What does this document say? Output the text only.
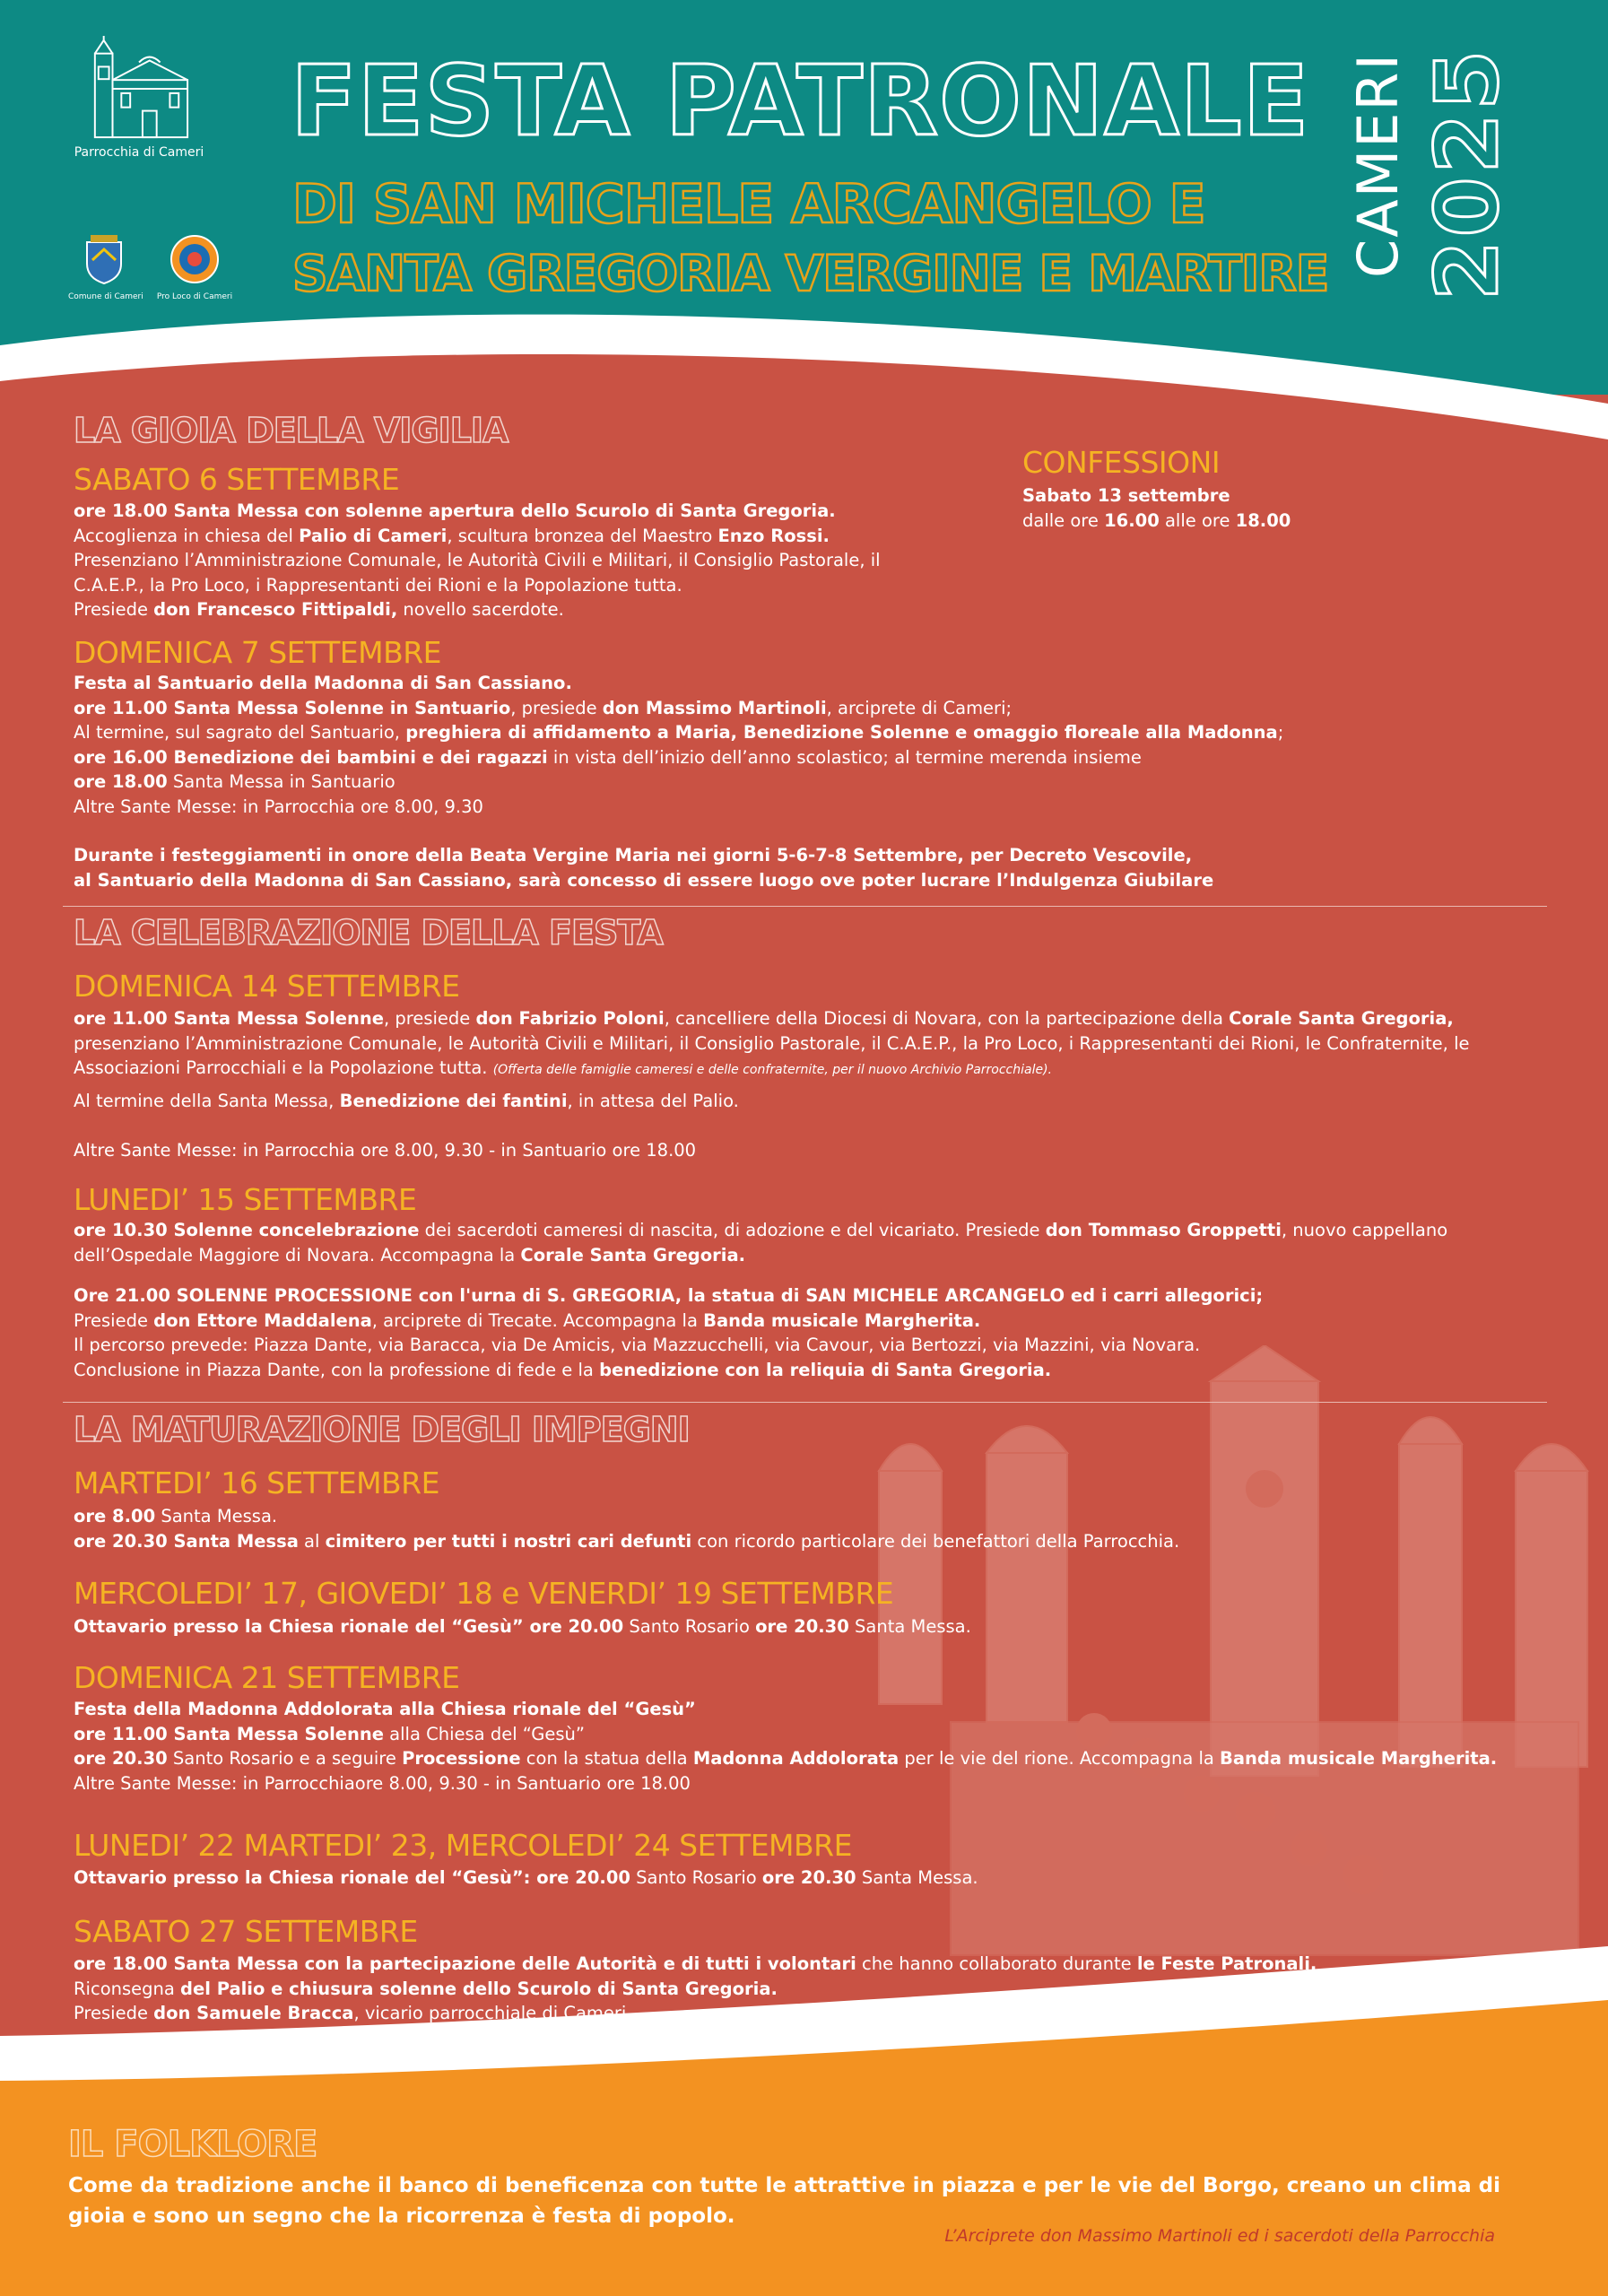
Parrocchia di Cameri
Comune di Cameri	Pro Loco di Cameri
FESTA PATRONALE
DI SAN MICHELE ARCANGELO E
SANTA GREGORIA VERGINE E MARTIRE CAMERI 2025
LA GIOIA DELLA VIGILIA
CONFESSIONI
Sabato 13 settembre
dalle ore 16.00 alle ore 18.00
SABATO 6 SETTEMBRE
ore 18.00 Santa Messa con solenne apertura dello Scurolo di Santa Gregoria.
Accoglienza in chiesa del Palio di Cameri, scultura bronzea del Maestro Enzo Rossi.
Presenziano l’Amministrazione Comunale, le Autorità Civili e Militari, il Consiglio Pastorale, il
C.A.E.P., la Pro Loco, i Rappresentanti dei Rioni e la Popolazione tutta.
Presiede don Francesco Fittipaldi, novello sacerdote.
DOMENICA 7 SETTEMBRE
Festa al Santuario della Madonna di San Cassiano.
ore 11.00 Santa Messa Solenne in Santuario, presiede don Massimo Martinoli, arciprete di Cameri;
Al termine, sul sagrato del Santuario, preghiera di affidamento a Maria, Benedizione Solenne e omaggio floreale alla Madonna;
ore 16.00 Benedizione dei bambini e dei ragazzi in vista dell’inizio dell’anno scolastico; al termine merenda insieme
ore 18.00 Santa Messa in Santuario
Altre Sante Messe: in Parrocchia ore 8.00, 9.30
Durante i festeggiamenti in onore della Beata Vergine Maria nei giorni 5-6-7-8 Settembre, per Decreto Vescovile,
al Santuario della Madonna di San Cassiano, sarà concesso di essere luogo ove poter lucrare l’Indulgenza Giubilare
LA CELEBRAZIONE DELLA FESTA
DOMENICA 14 SETTEMBRE
ore 11.00 Santa Messa Solenne, presiede don Fabrizio Poloni, cancelliere della Diocesi di Novara, con la partecipazione della Corale Santa Gregoria,
presenziano l’Amministrazione Comunale, le Autorità Civili e Militari, il Consiglio Pastorale, il C.A.E.P., la Pro Loco, i Rappresentanti dei Rioni, le Confraternite, le
Associazioni Parrocchiali e la Popolazione tutta. (Offerta delle famiglie cameresi e delle confraternite, per il nuovo Archivio Parrocchiale).
Al termine della Santa Messa, Benedizione dei fantini, in attesa del Palio.
Altre Sante Messe: in Parrocchia ore 8.00, 9.30 - in Santuario ore 18.00
LUNEDI’ 15 SETTEMBRE
ore 10.30 Solenne concelebrazione dei sacerdoti cameresi di nascita, di adozione e del vicariato. Presiede don Tommaso Groppetti, nuovo cappellano
dell’Ospedale Maggiore di Novara. Accompagna la Corale Santa Gregoria.
Ore 21.00 SOLENNE PROCESSIONE con l'urna di S. GREGORIA, la statua di SAN MICHELE ARCANGELO ed i carri allegorici;
Presiede don Ettore Maddalena, arciprete di Trecate. Accompagna la Banda musicale Margherita.
Il percorso prevede: Piazza Dante, via Baracca, via De Amicis, via Mazzucchelli, via Cavour, via Bertozzi, via Mazzini, via Novara.
Conclusione in Piazza Dante, con la professione di fede e la benedizione con la reliquia di Santa Gregoria.
LA MATURAZIONE DEGLI IMPEGNI
MARTEDI’ 16 SETTEMBRE
ore 8.00 Santa Messa.
ore 20.30 Santa Messa al cimitero per tutti i nostri cari defunti con ricordo particolare dei benefattori della Parrocchia.
MERCOLEDI’ 17, GIOVEDI’ 18 e VENERDI’ 19 SETTEMBRE
Ottavario presso la Chiesa rionale del “Gesù” ore 20.00 Santo Rosario ore 20.30 Santa Messa.
DOMENICA 21 SETTEMBRE
Festa della Madonna Addolorata alla Chiesa rionale del “Gesù”
ore 11.00 Santa Messa Solenne alla Chiesa del “Gesù”
ore 20.30 Santo Rosario e a seguire Processione con la statua della Madonna Addolorata per le vie del rione. Accompagna la Banda musicale Margherita.
Altre Sante Messe: in Parrocchiaore 8.00, 9.30 - in Santuario ore 18.00
LUNEDI’ 22 MARTEDI’ 23, MERCOLEDI’ 24 SETTEMBRE
Ottavario presso la Chiesa rionale del “Gesù”: ore 20.00 Santo Rosario ore 20.30 Santa Messa.
SABATO 27 SETTEMBRE
ore 18.00 Santa Messa con la partecipazione delle Autorità e di tutti i volontari che hanno collaborato durante le Feste Patronali.
Riconsegna del Palio e chiusura solenne dello Scurolo di Santa Gregoria.
Presiede don Samuele Bracca, vicario parrocchiale di Cameri
IL FOLKLORE
Come da tradizione anche il banco di beneficenza con tutte le attrattive in piazza e per le vie del Borgo, creano un clima di gioia e sono un segno che la ricorrenza è festa di popolo.
L’Arciprete don Massimo Martinoli ed i sacerdoti della Parrocchia
